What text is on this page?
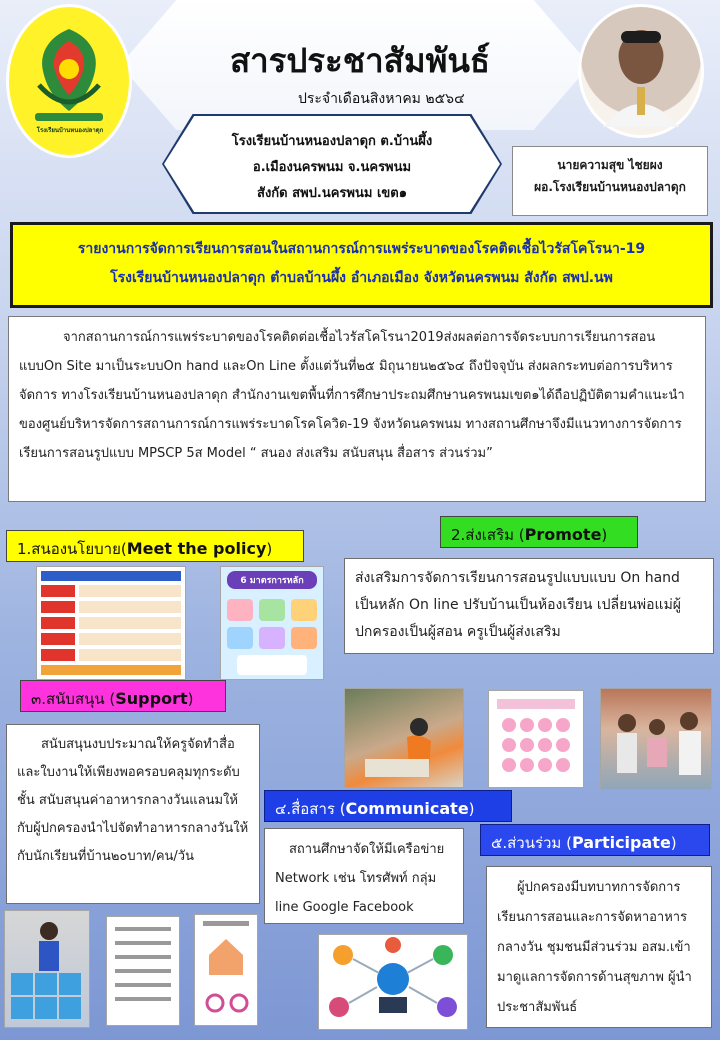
สารประชาสัมพันธ์
ประจำเดือนสิงหาคม ๒๕๖๔
โรงเรียนบ้านหนองปลาดุก
โรงเรียนบ้านหนองปลาดุก ต.บ้านผึ้ง
อ.เมืองนครพนม จ.นครพนม
สังกัด สพป.นครพนม เขต๑
นายความสุข ไชยผง
ผอ.โรงเรียนบ้านหนองปลาดุก
รายงานการจัดการเรียนการสอนในสถานการณ์การแพร่ระบาดของโรคติดเชื้อไวรัสโคโรนา-19
โรงเรียนบ้านหนองปลาดุก ตำบลบ้านผึ้ง อำเภอเมือง จังหวัดนครพนม สังกัด สพป.นพ

จากสถานการณ์การแพร่ระบาดของโรคติดต่อเชื้อไวรัสโคโรนา2019ส่งผลต่อการจัดระบบการเรียนการสอนแบบOn Site มาเป็นระบบOn hand และOn Line ตั้งแต่วันที่๒๕ มิถุนายน๒๕๖๔ ถึงปัจจุบัน ส่งผลกระทบต่อการบริหารจัดการ ทางโรงเรียนบ้านหนองปลาดุก สำนักงานเขตพื้นที่การศึกษาประถมศึกษานครพนมเขต๑ได้ถือปฏิบัติตามคำแนะนำของศูนย์บริหารจัดการสถานการณ์การแพร่ระบาดโรคโควิด-19 จังหวัดนครพนม ทางสถานศึกษาจึงมีแนวทางการจัดการเรียนการสอนรูปแบบ MPSCP 5ส Model “ สนอง ส่งเสริม สนับสนุน สื่อสาร ส่วนร่วม”

1.สนองนโยบาย(Meet the policy)
6 มาตรการหลัก
2.ส่งเสริม (Promote)
ส่งเสริมการจัดการเรียนการสอนรูปแบบแบบ On hand เป็นหลัก On line ปรับบ้านเป็นห้องเรียน เปลี่ยนพ่อแม่ผู้ปกครองเป็นผู้สอน ครูเป็นผู้ส่งเสริม
๓.สนับสนุน (Support)
สนับสนุนงบประมาณให้ครูจัดทำสื่อและใบงานให้เพียงพอครอบคลุมทุกระดับชั้น สนับสนุนค่าอาหารกลางวันแลนมให้กับผู้ปกครองนำไปจัดทำอาหารกลางวันให้กับนักเรียนที่บ้าน๒๐บาท/คน/วัน
๔.สื่อสาร (Communicate)
สถานศึกษาจัดให้มีเครือข่าย Network เช่น โทรศัพท์ กลุ่ม line Google Facebook
๕.ส่วนร่วม (Participate)
ผู้ปกครองมีบทบาทการจัดการเรียนการสอนและการจัดหาอาหารกลางวัน ชุมชนมีส่วนร่วม อสม.เข้ามาดูแลการจัดการด้านสุขภาพ ผู้นำประชาสัมพันธ์
